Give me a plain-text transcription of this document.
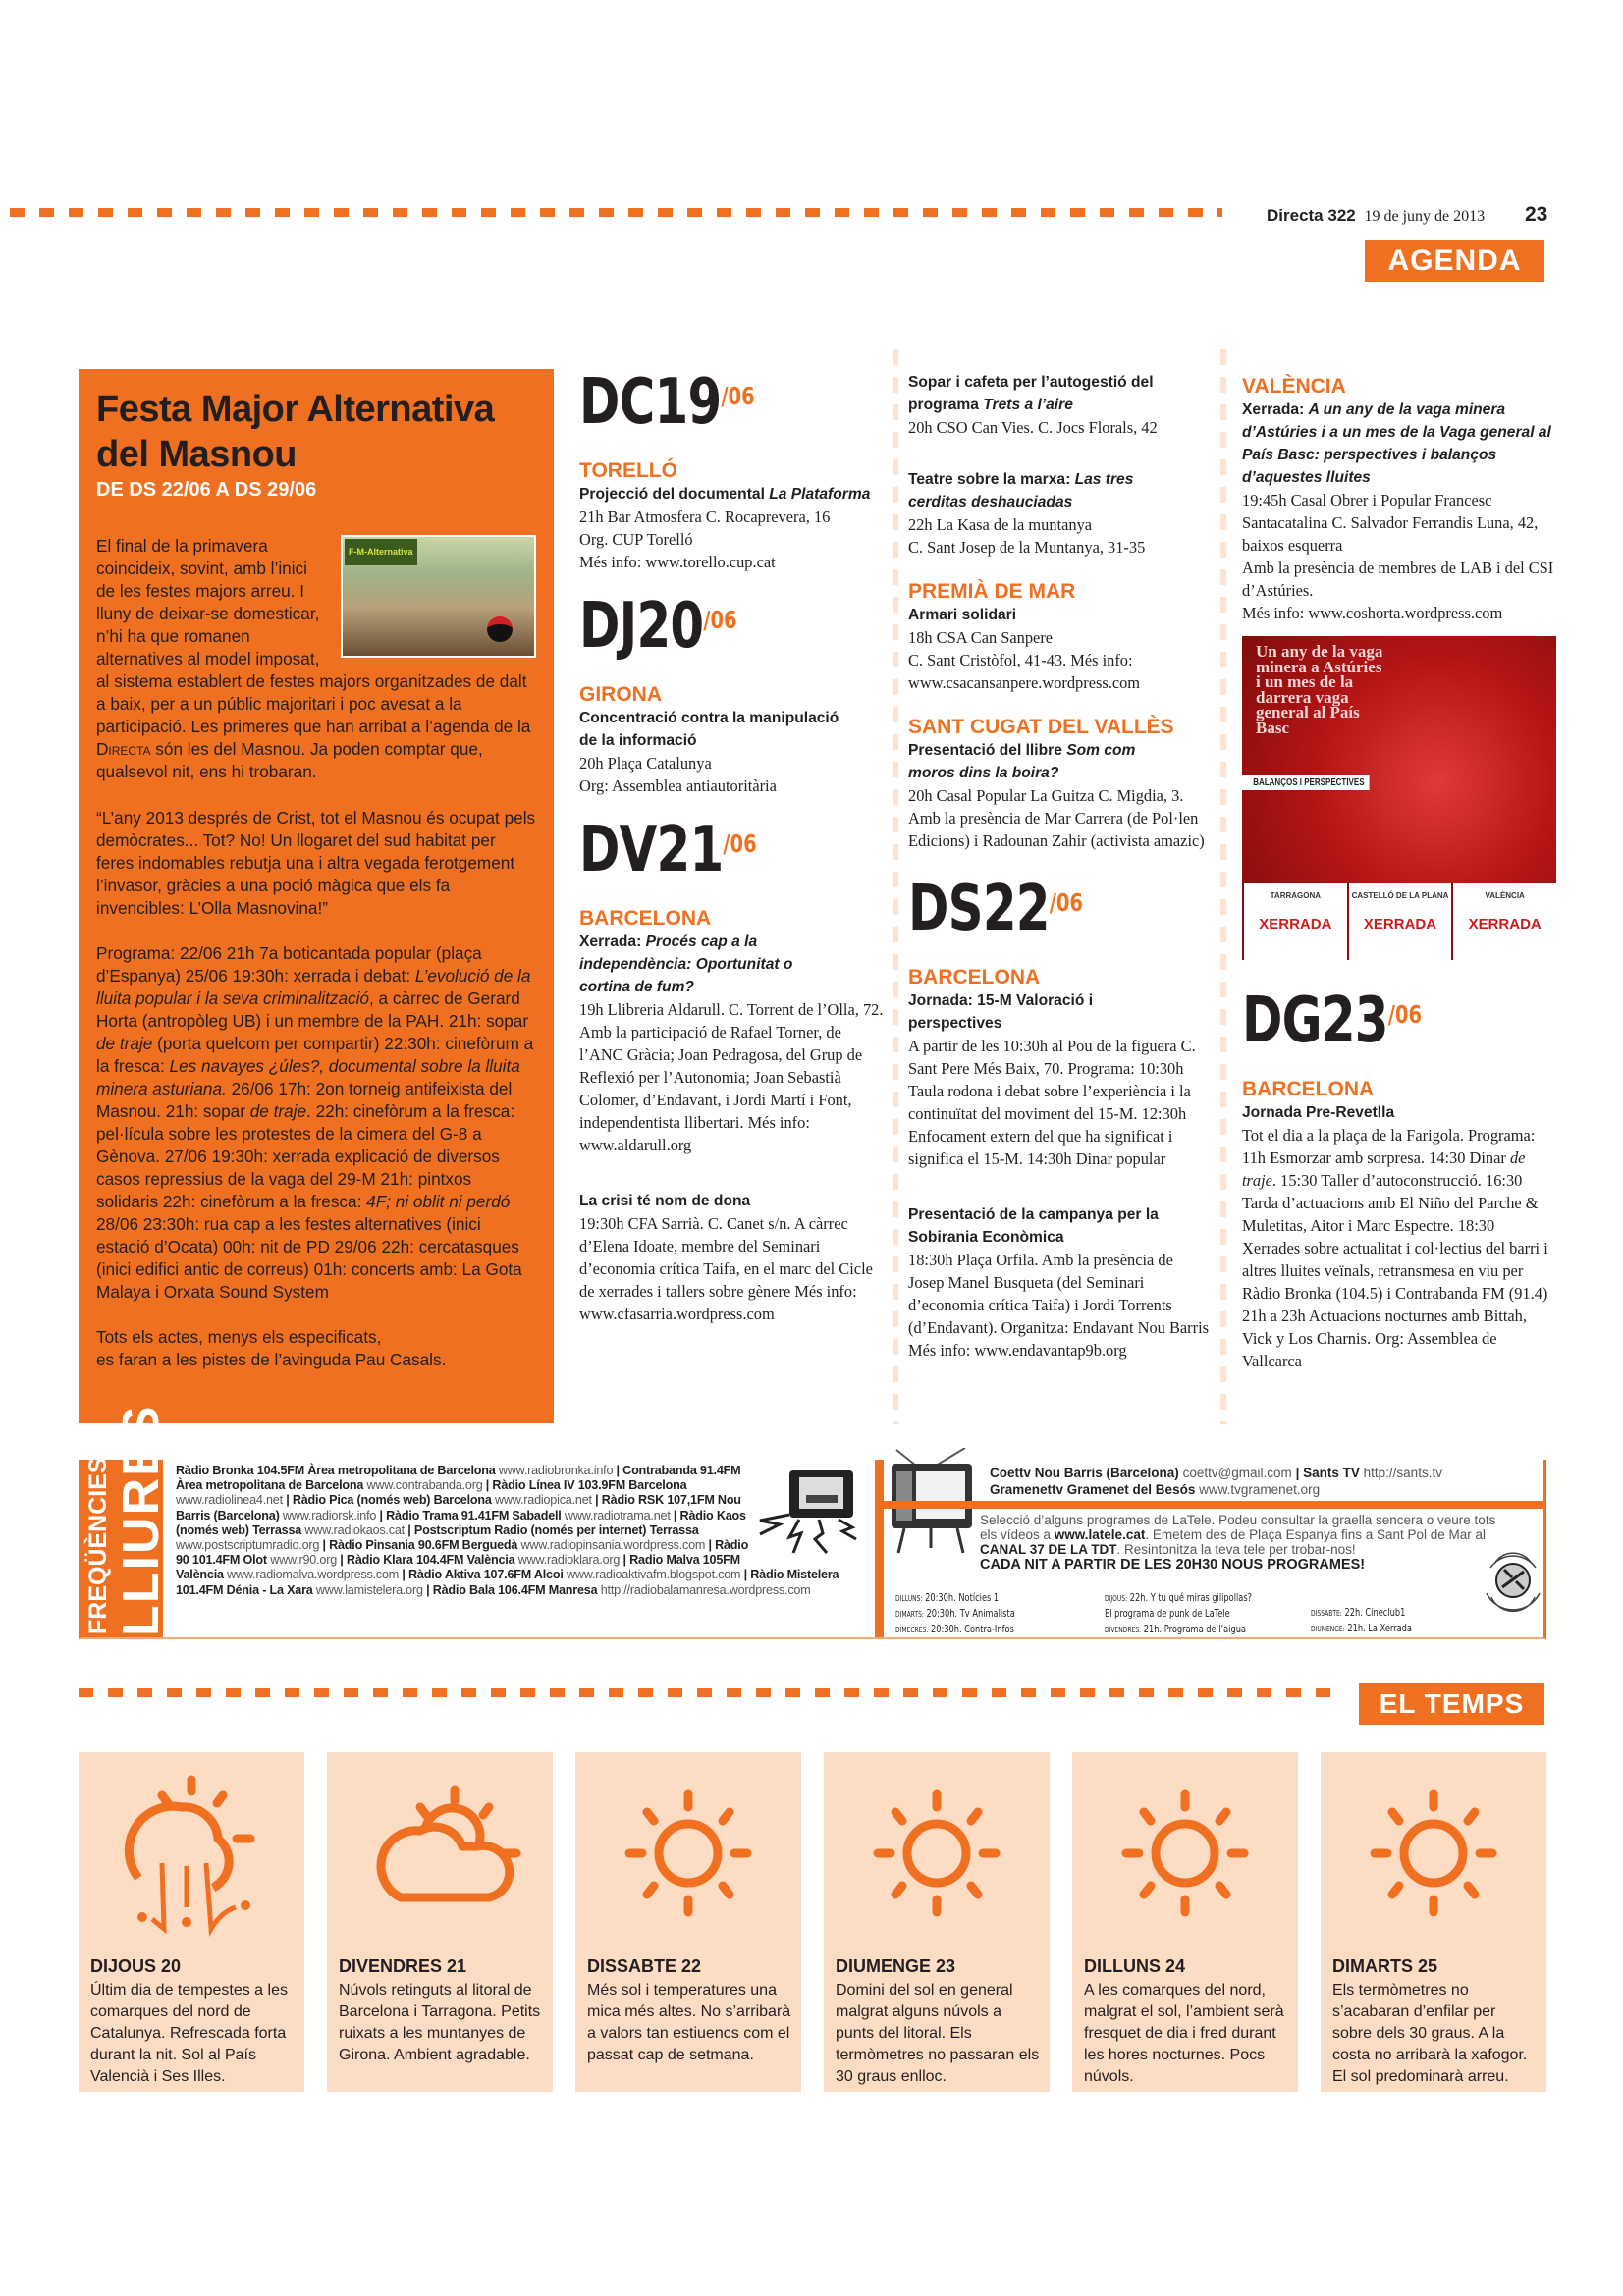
Directa 322 19 de juny de 2013 23
AGENDA
Festa Major Alternativa del Masnou
DE DS 22/06 A DS 29/06

F-M-Alternativa
El final de la primavera coincideix, sovint, amb l’inici de les festes majors arreu. I lluny de deixar-se domesticar, n’hi ha que romanen alternatives al model imposat, al sistema establert de festes majors organitzades de dalt a baix, per a un públic majoritari i poc avesat a la participació. Les primeres que han arribat a l’agenda de la Directa són les del Masnou. Ja poden comptar que, qualsevol nit, ens hi trobaran.

“L’any 2013 després de Crist, tot el Masnou és ocupat pels demòcrates... Tot? No! Un llogaret del sud habitat per feres indomables rebutja una i altra vegada ferotgement l’invasor, gràcies a una poció màgica que els fa invencibles: L’Olla Masnovina!”

Programa: 22/06 21h 7a boticantada popular (plaça d’Espanya) 25/06 19:30h: xerrada i debat: L’evolució de la lluita popular i la seva criminalització, a càrrec de Gerard Horta (antropòleg UB) i un membre de la PAH. 21h: sopar de traje (porta quelcom per compartir) 22:30h: cinefòrum a la fresca: Les navayes ¿úles?, documental sobre la lluita minera asturiana. 26/06 17h: 2on torneig antifeixista del Masnou. 21h: sopar de traje. 22h: cinefòrum a la fresca: pel·lícula sobre les protestes de la cimera del G-8 a Gènova. 27/06 19:30h: xerrada explicació de diversos casos repressius de la vaga del 29-M 21h: pintxos solidaris 22h: cinefòrum a la fresca: 4F; ni oblit ni perdó 28/06 23:30h: rua cap a les festes alternatives (inici estació d’Ocata) 00h: nit de PD 29/06 22h: cercatasques (inici edifici antic de correus) 01h: concerts amb: La Gota Malaya i Orxata Sound System

Tots els actes, menys els especificats,
es faran a les pistes de l’avinguda Pau Casals.

$DC19^{/06}$
TORELLÓ
Projecció del documental La Plataforma
21h Bar Atmosfera C. Rocaprevera, 16
Org. CUP Torelló
Més info: www.torello.cup.cat
$DJ20^{/06}$
GIRONA
Concentració contra la manipulació de la informació
20h Plaça Catalunya
Org: Assemblea antiautoritària
$DV21^{/06}$
BARCELONA
Xerrada: Procés cap a la independència: Oportunitat o cortina de fum?
19h Llibreria Aldarull. C. Torrent de l’Olla, 72. Amb la participació de Rafael Torner, de l’ANC Gràcia; Joan Pedragosa, del Grup de Reflexió per l’Autonomia; Joan Sebastià Colomer, d’Endavant, i Jordi Martí i Font, independentista llibertari. Més info: www.aldarull.org
La crisi té nom de dona
19:30h CFA Sarrià. C. Canet s/n. A càrrec d’Elena Idoate, membre del Seminari d’economia crítica Taifa, en el marc del Cicle de xerrades i tallers sobre gènere Més info: www.cfasarria.wordpress.com
Sopar i cafeta per l’autogestió del programa Trets a l’aire
20h CSO Can Vies. C. Jocs Florals, 42
Teatre sobre la marxa: Las tres cerditas deshauciadas
22h La Kasa de la muntanya
C. Sant Josep de la Muntanya, 31-35
PREMIÀ DE MAR
Armari solidari
18h CSA Can Sanpere
C. Sant Cristòfol, 41-43. Més info: www.csacansanpere.wordpress.com
SANT CUGAT DEL VALLÈS
Presentació del llibre Som com moros dins la boira?
20h Casal Popular La Guitza C. Migdia, 3. Amb la presència de Mar Carrera (de Pol·len Edicions) i Radounan Zahir (activista amazic)
$DS22^{/06}$
BARCELONA
Jornada: 15-M Valoració i perspectives
A partir de les 10:30h al Pou de la figuera C. Sant Pere Més Baix, 70. Programa: 10:30h Taula rodona i debat sobre l’experiència i la continuïtat del moviment del 15-M. 12:30h Enfocament extern del que ha significat i significa el 15-M. 14:30h Dinar popular
Presentació de la campanya per la Sobirania Econòmica
18:30h Plaça Orfila. Amb la presència de Josep Manel Busqueta (del Seminari d’economia crítica Taifa) i Jordi Torrents (d’Endavant). Organitza: Endavant Nou Barris Més info: www.endavantap9b.org
VALÈNCIA
Xerrada: A un any de la vaga minera d’Astúries i a un mes de la Vaga general al País Basc: perspectives i balanços d’aquestes lluites
19:45h Casal Obrer i Popular Francesc Santacatalina C. Salvador Ferrandis Luna, 42, baixos esquerra
Amb la presència de membres de LAB i del CSI d’Astúries.
Més info: www.coshorta.wordpress.com
Un any de la vaga minera a Astúries i un mes de la darrera vaga general al País Basc
BALANÇOS I PERSPECTIVES
TARRAGONA
XERRADA
CASTELLÓ DE LA PLANA
XERRADA
VALÈNCIA
XERRADA
$DG23^{/06}$
BARCELONA
Jornada Pre-Revetlla
Tot el dia a la plaça de la Farigola. Programa: 11h Esmorzar amb sorpresa. 14:30 Dinar de traje. 15:30 Taller d’autoconstrucció. 16:30 Tarda d’actuacions amb El Niño del Parche & Muletitas, Aitor i Marc Espectre. 18:30 Xerrades sobre actualitat i col·lectius del barri i altres lluites veïnals, retransmesa en viu per Ràdio Bronka (104.5) i Contrabanda FM (91.4) 21h a 23h Actuacions nocturnes amb Bittah, Vick y Los Charnis. Org: Assemblea de Vallcarca
FREQÜÈNCIES LLIURES Ràdio Bronka 104.5FM Àrea metropolitana de Barcelona www.radiobronka.info | Contrabanda 91.4FM Àrea metropolitana de Barcelona www.contrabanda.org | Ràdio Línea IV 103.9FM Barcelona www.radiolinea4.net | Ràdio Pica (només web) Barcelona www.radiopica.net | Ràdio RSK 107,1FM Nou Barris (Barcelona) www.radiorsk.info | Ràdio Trama 91.41FM Sabadell www.radiotrama.net | Ràdio Kaos (només web) Terrassa www.radiokaos.cat | Postscriptum Radio (només per internet) Terrassa www.postscriptumradio.org | Ràdio Pinsania 90.6FM Berguedà www.radiopinsania.wordpress.com | Ràdio 90 101.4FM Olot www.r90.org | Ràdio Klara 104.4FM València www.radioklara.org | Radio Malva 105FM València www.radiomalva.wordpress.com | Ràdio Aktiva 107.6FM Alcoi www.radioaktivafm.blogspot.com | Ràdio Mistelera 101.4FM Dénia - La Xara www.lamistelera.org | Ràdio Bala 106.4FM Manresa http://radiobalamanresa.wordpress.com
Coettv Nou Barris (Barcelona) coettv@gmail.com | Sants TV http://sants.tv
Gramenettv Gramenet del Besós www.tvgramenet.org
Selecció d’alguns programes de LaTele. Podeu consultar la graella sencera o veure tots els vídeos a www.latele.cat. Emetem des de Plaça Espanya fins a Sant Pol de Mar al CANAL 37 DE LA TDT. Resintonitza la teva tele per trobar-nos!
CADA NIT A PARTIR DE LES 20H30 NOUS PROGRAMES!
DILLUNS: 20:30h. Notícies 1
DIMARTS: 20:30h. Tv Animalista
DIMECRES: 20:30h. Contra-Infos
DIJOUS: 22h. Y tu qué miras gilipollas?
El programa de punk de LaTele
DIVENDRES: 21h. Programa de l’aigua
DISSABTE: 22h. Cineclub1
DIUMENGE: 21h. La Xerrada
EL TEMPS
DIJOUS 20
Últim dia de tempestes a les comarques del nord de Catalunya. Refrescada forta durant la nit. Sol al País Valencià i Ses Illes.
DIVENDRES 21
Núvols retinguts al litoral de Barcelona i Tarragona. Petits ruixats a les muntanyes de Girona. Ambient agradable.
DISSABTE 22
Més sol i temperatures una mica més altes. No s’arribarà a valors tan estiuencs com el passat cap de setmana.
DIUMENGE 23
Domini del sol en general malgrat alguns núvols a punts del litoral. Els termòmetres no passaran els 30 graus enlloc.
DILLUNS 24
A les comarques del nord, malgrat el sol, l’ambient serà fresquet de dia i fred durant les hores nocturnes. Pocs núvols.
DIMARTS 25
Els termòmetres no s’acabaran d’enfilar per sobre dels 30 graus. A la costa no arribarà la xafogor. El sol predominarà arreu.
